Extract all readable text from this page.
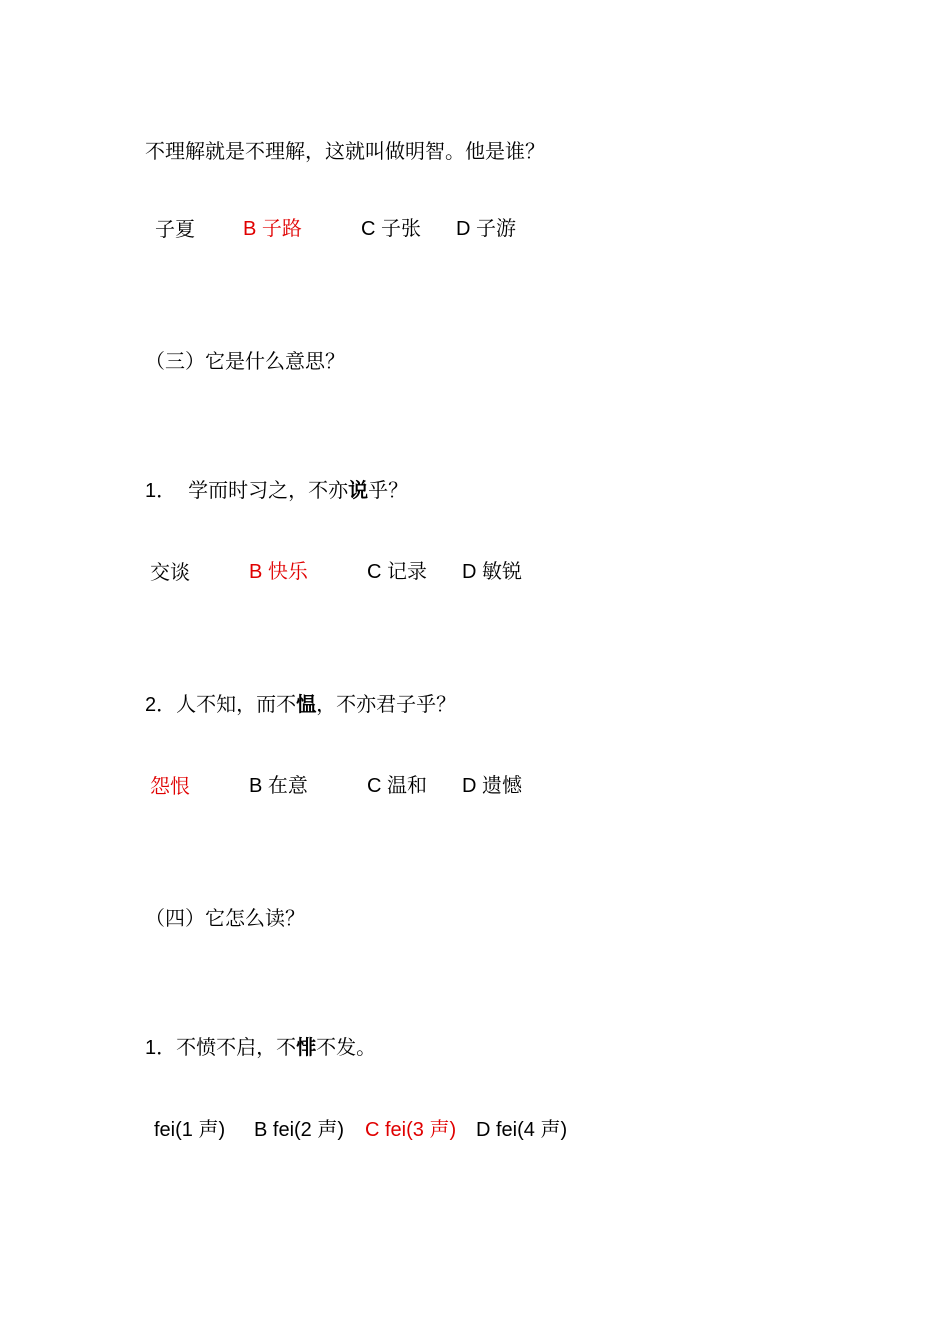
不理解就是不理解，这就叫做明智。他是谁？
子夏 B 子路	C 子张 D 子游
（三）它是什么意思？
1． 学而时习之，不亦说乎？
交谈	B 快乐	C 记录 D 敏锐
2．人不知，而不愠，不亦君子乎？
怨恨	B 在意	C 温和 D 遗憾
（四）它怎么读？
1．不愤不启，不悱不发。
fei(1 声) B fei(2 声) C fei(3 声) D fei(4 声)
